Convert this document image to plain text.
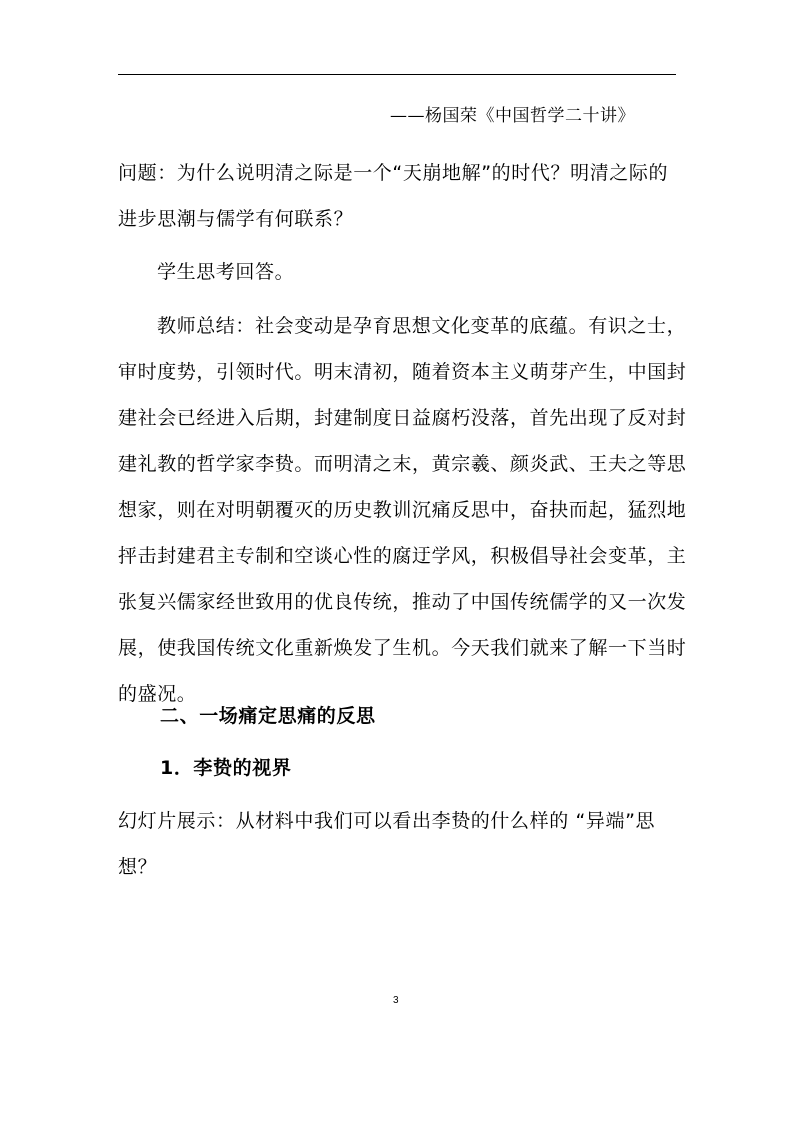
——杨国荣《中国哲学二十讲》
问题：为什么说明清之际是一个“天崩地解”的时代？明清之际的
进步思潮与儒学有何联系？
学生思考回答。
教师总结：社会变动是孕育思想文化变革的底蕴。有识之士，
审时度势，引领时代。明末清初，随着资本主义萌芽产生，中国封
建社会已经进入后期，封建制度日益腐朽没落，首先出现了反对封
建礼教的哲学家李贽。而明清之末，黄宗羲、颜炎武、王夫之等思
想家，则在对明朝覆灭的历史教训沉痛反思中，奋抉而起，猛烈地
抨击封建君主专制和空谈心性的腐迂学风，积极倡导社会变革，主
张复兴儒家经世致用的优良传统，推动了中国传统儒学的又一次发
展，使我国传统文化重新焕发了生机。今天我们就来了解一下当时
的盛况。
二、一场痛定思痛的反思
1．李贽的视界
幻灯片展示：从材料中我们可以看出李贽的什么样的 “异端”思
想？
3
